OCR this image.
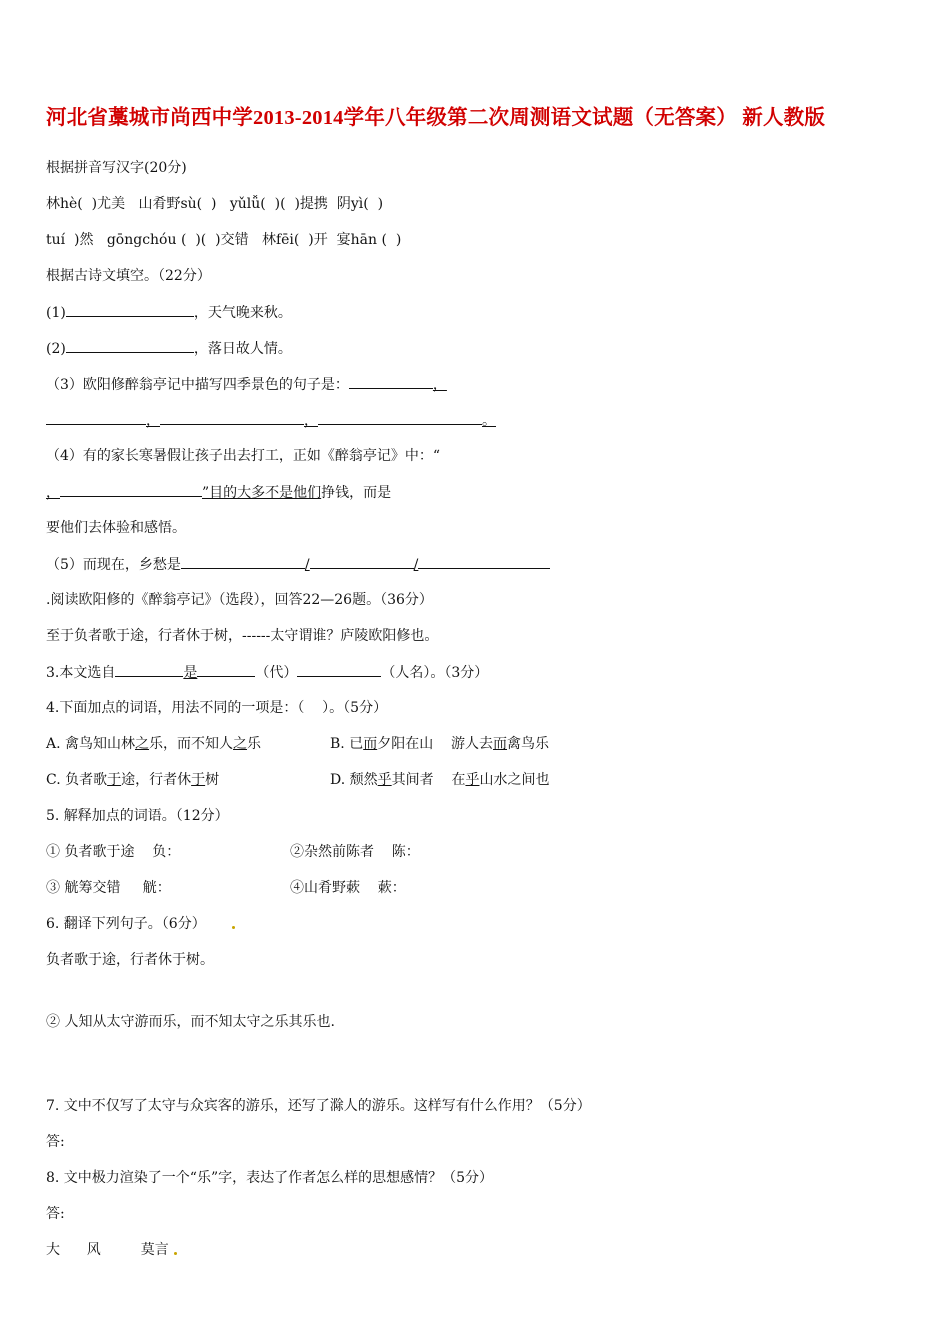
河北省藁城市尚西中学2013-2014学年八年级第二次周测语文试题（无答案） 新人教版
根据拼音写汉字(20分)
林hè(  )尤美   山肴野sù(  )   yǔlǚ(  )(  )提携  阴yì(  )
tuí  )然   gōngchóu (  )(  )交错   林fēi(  )开  宴hān (  )
根据古诗文填空。（22分）
(1)	，天气晚来秋。
(2)	，落日故人情。
（3）欧阳修醉翁亭记中描写四季景色的句子是：	，
，	，	。
（4）有的家长寒暑假让孩子出去打工，正如《醉翁亭记》中：“
，	”目的大多不是他们挣钱，而是
要他们去体验和感悟。
（5）而现在，乡愁是	/	/
.阅读欧阳修的《醉翁亭记》（选段），回答22—26题。（36分）
至于负者歌于途，行者休于树，------太守谓谁？庐陵欧阳修也。
3.本文选自	是	（代）	（人名）。（3分）
4.下面加点的词语，用法不同的一项是：（    ）。（5分）
A. 禽鸟知山林之乐，而不知人之乐	B. 已而夕阳在山    游人去而禽鸟乐
C. 负者歌于途，行者休于树	D. 颓然乎其间者    在乎山水之间也
5. 解释加点的词语。（12分）
① 负者歌于途    负：	②杂然前陈者    陈：
③ 觥筹交错     觥：	④山肴野蔌    蔌：
6. 翻译下列句子。（6分）
负者歌于途，行者休于树。
② 人知从太守游而乐，而不知太守之乐其乐也.
7. 文中不仅写了太守与众宾客的游乐，还写了滁人的游乐。这样写有什么作用？（5分）
答:
8. 文中极力渲染了一个“乐”字，表达了作者怎么样的思想感情？（5分）
答:
大      风         莫言
